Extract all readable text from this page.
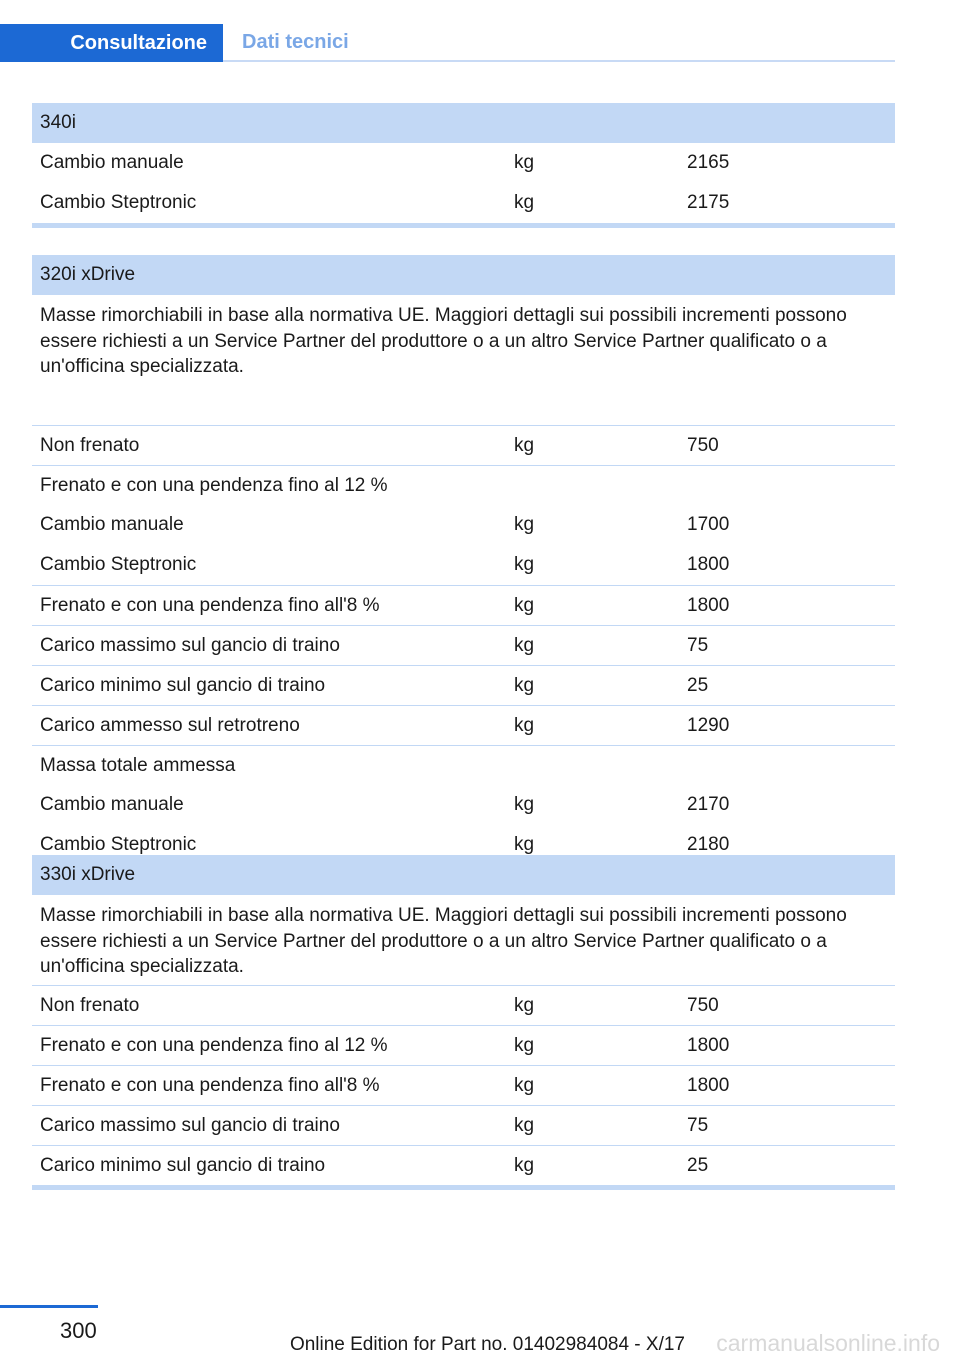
Consultazione	Dati tecnici
340i
Cambio manuale	kg	2165
Cambio Steptronic	kg	2175
320i xDrive
Masse rimorchiabili in base alla normativa UE. Maggiori dettagli sui possibili incrementi possono essere richiesti a un Service Partner del produttore o a un altro Service Partner qualificato o a un'officina specializzata.
Non frenato	kg	750
Frenato e con una pendenza fino al 12 %
Cambio manuale	kg	1700
Cambio Steptronic	kg	1800
Frenato e con una pendenza fino all'8 %	kg	1800
Carico massimo sul gancio di traino	kg	75
Carico minimo sul gancio di traino	kg	25
Carico ammesso sul retrotreno	kg	1290
Massa totale ammessa
Cambio manuale	kg	2170
Cambio Steptronic	kg	2180
330i xDrive
Masse rimorchiabili in base alla normativa UE. Maggiori dettagli sui possibili incrementi possono essere richiesti a un Service Partner del produttore o a un altro Service Partner qualificato o a un'officina specializzata.
Non frenato	kg	750
Frenato e con una pendenza fino al 12 %	kg	1800
Frenato e con una pendenza fino all'8 %	kg	1800
Carico massimo sul gancio di traino	kg	75
Carico minimo sul gancio di traino	kg	25
300
Online Edition for Part no. 01402984084 - X/17 carmanualsonline.info
